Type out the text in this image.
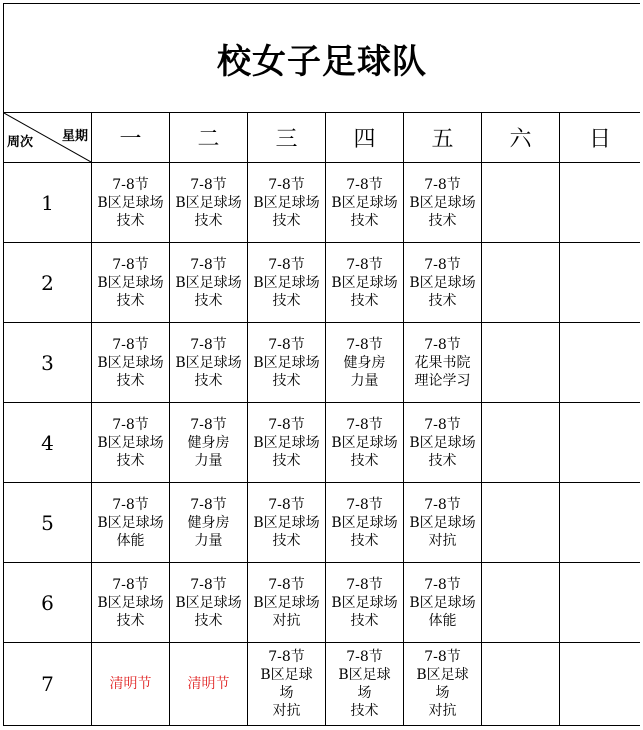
校女子足球队							

星期
周次	一	二	三	四	五	六	日
1	7-8节
B区足球场
技术	7-8节
B区足球场
技术	7-8节
B区足球场
技术	7-8节
B区足球场
技术	7-8节
B区足球场
技术		

2	7-8节
B区足球场
技术	7-8节
B区足球场
技术	7-8节
B区足球场
技术	7-8节
B区足球场
技术	7-8节
B区足球场
技术		

3	7-8节
B区足球场
技术	7-8节
B区足球场
技术	7-8节
B区足球场
技术	7-8节
健身房
力量	7-8节
花果书院
理论学习		

4	7-8节
B区足球场
技术	7-8节
健身房
力量	7-8节
B区足球场
技术	7-8节
B区足球场
技术	7-8节
B区足球场
技术		

5	7-8节
B区足球场
体能	7-8节
健身房
力量	7-8节
B区足球场
技术	7-8节
B区足球场
技术	7-8节
B区足球场
对抗		

6	7-8节
B区足球场
技术	7-8节
B区足球场
技术	7-8节
B区足球场
对抗	7-8节
B区足球场
技术	7-8节
B区足球场
体能		

7	清明节	清明节	7-8节
B区足球
场
对抗	7-8节
B区足球
场
技术	7-8节
B区足球
场
对抗		
